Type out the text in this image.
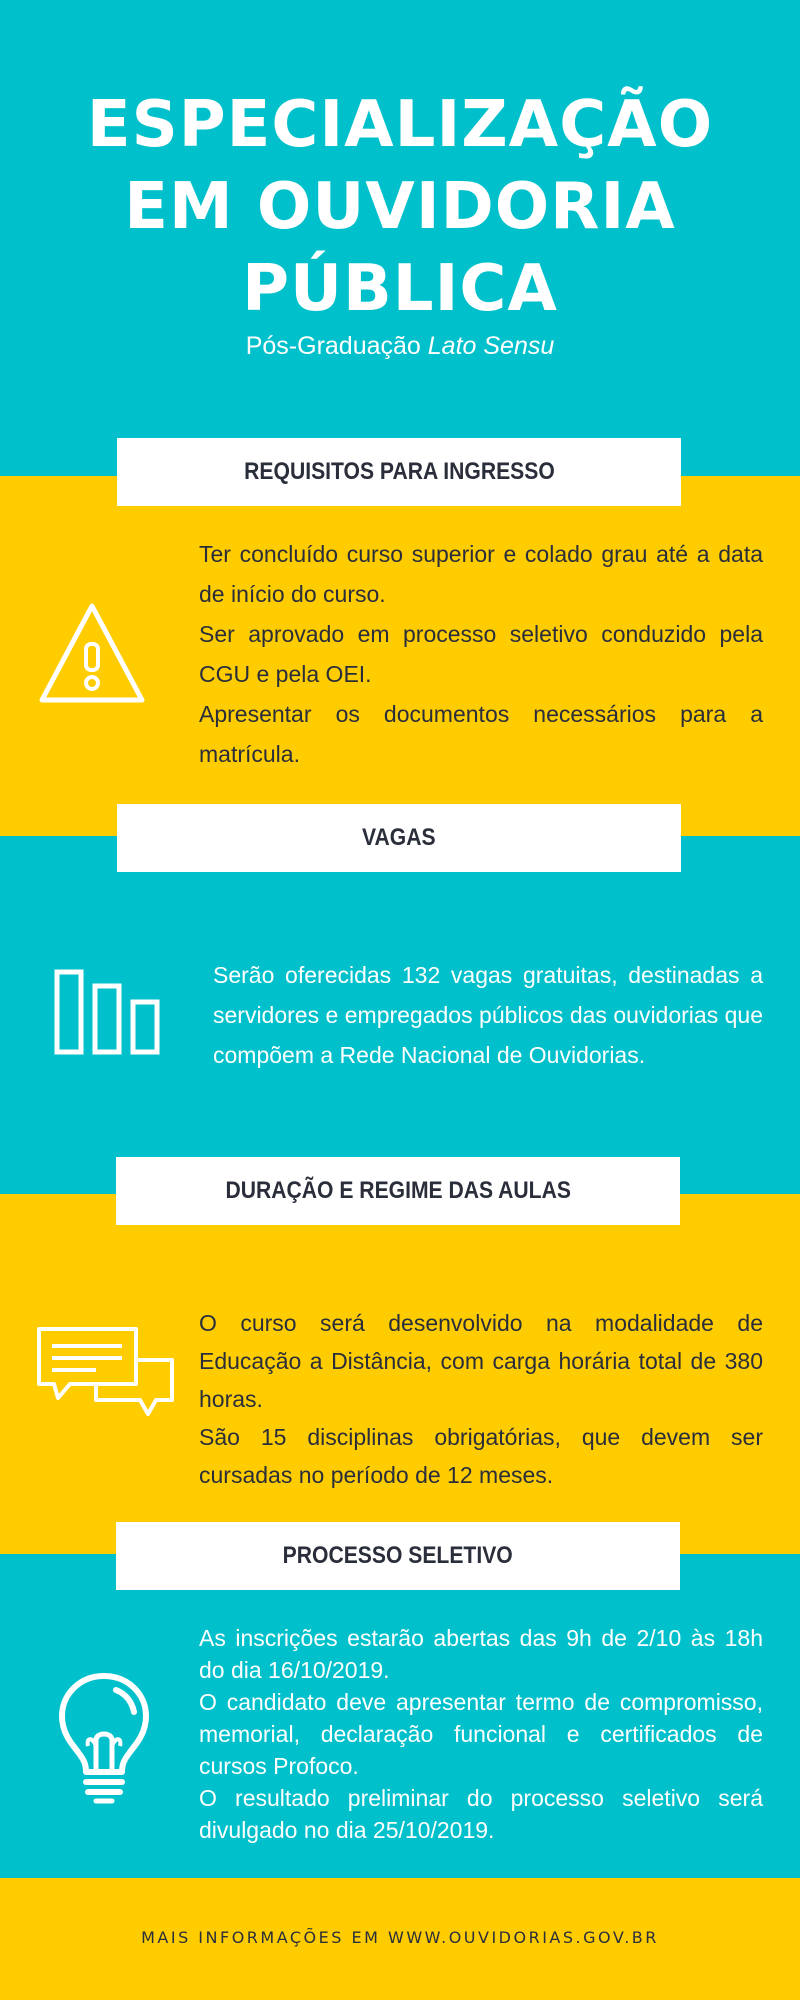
ESPECIALIZAÇÃO
EM OUVIDORIA
PÚBLICA
Pós-Graduação Lato Sensu
REQUISITOS PARA INGRESSO

Ter concluído curso superior e colado grau até a data de início do curso.

Ser aprovado em processo seletivo conduzido pela CGU e pela OEI.

Apresentar os documentos necessários para a matrícula.

VAGAS

Serão oferecidas 132 vagas gratuitas, destinadas a servidores e empregados públicos das ouvidorias que compõem a Rede Nacional de Ouvidorias.

DURAÇÃO E REGIME DAS AULAS

O curso será desenvolvido na modalidade de Educação a Distância, com carga horária total de 380 horas.

São 15 disciplinas obrigatórias, que devem ser cursadas no período de 12 meses.

PROCESSO SELETIVO

As inscrições estarão abertas das 9h de 2/10 às 18h do dia 16/10/2019.

O candidato deve apresentar termo de compromisso, memorial, declaração funcional e certificados de cursos Profoco.

O resultado preliminar do processo seletivo será divulgado no dia 25/10/2019.

MAIS INFORMAÇÕES EM WWW.OUVIDORIAS.GOV.BR
